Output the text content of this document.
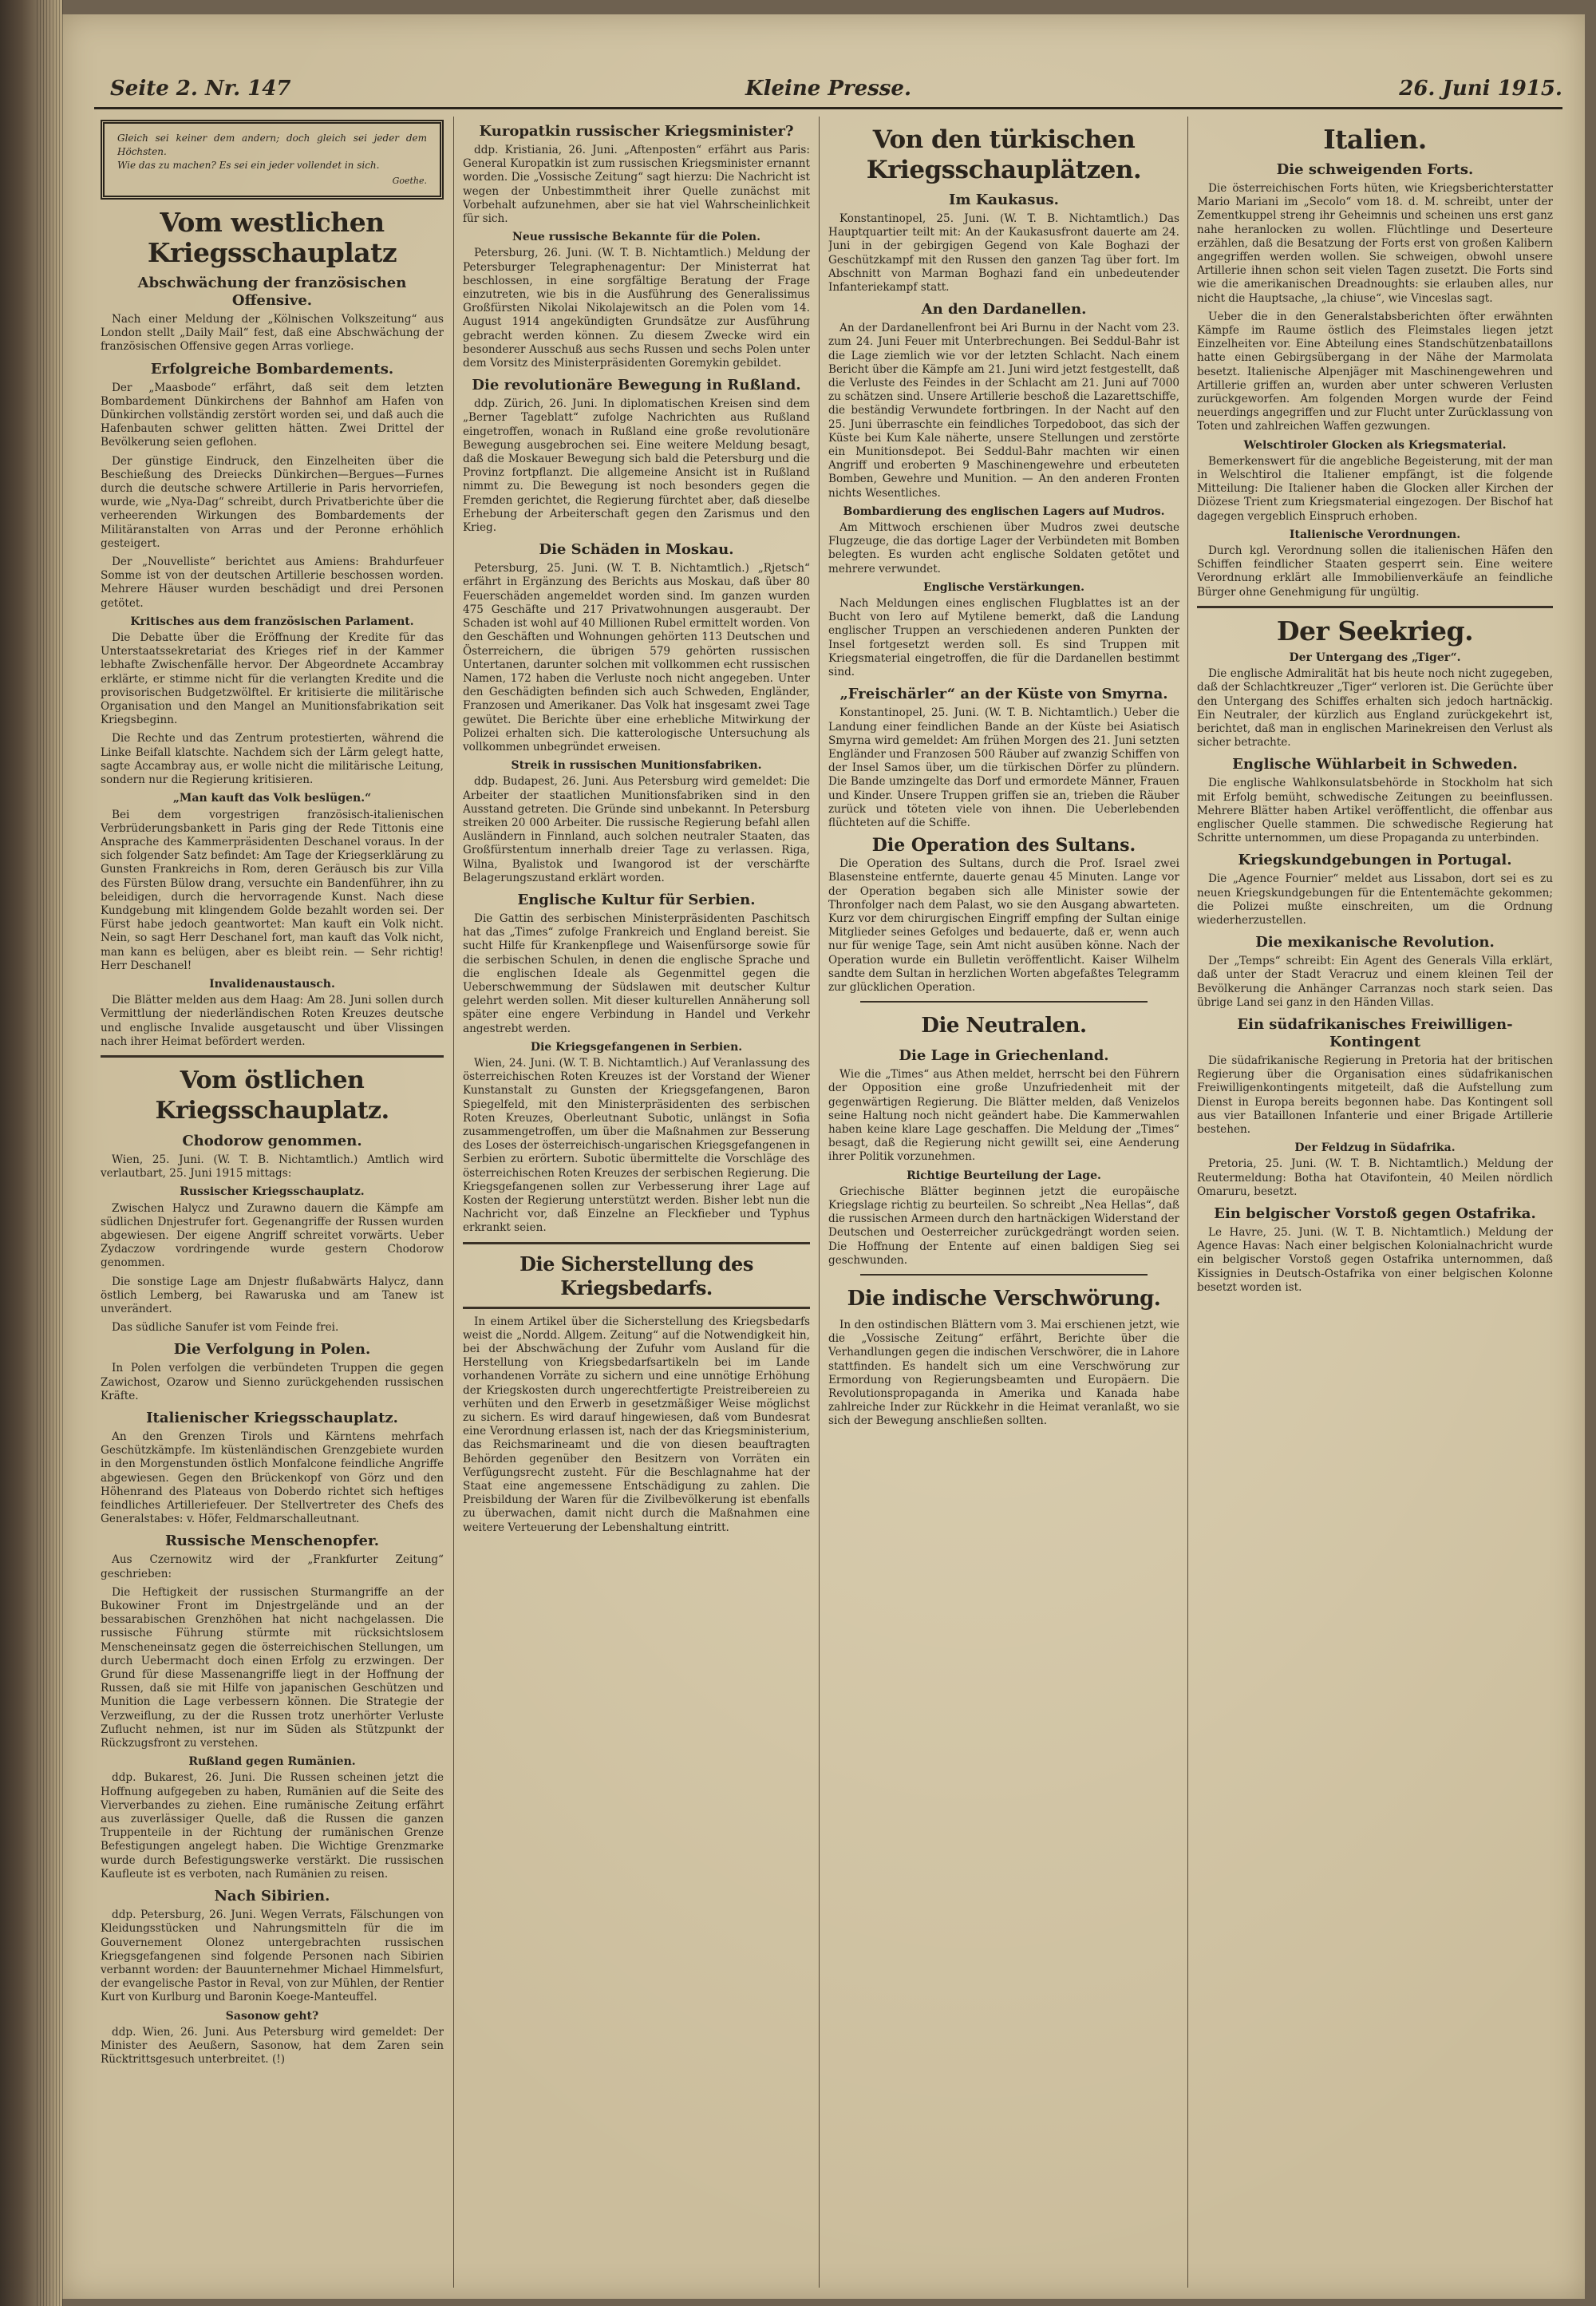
Seite 2. Nr. 147	Kleine Presse.	26. Juni 1915.
Gleich sei keiner dem andern; doch gleich sei jeder dem Höchsten.
Wie das zu machen? Es sei ein jeder vollendet in sich.
Goethe.
Vom westlichen Kriegsschauplatz
Abschwächung der französischen Offensive.

Nach einer Meldung der „Kölnischen Volkszeitung“ aus London stellt „Daily Mail“ fest, daß eine Abschwächung der französischen Offensive gegen Arras vorliege.

Erfolgreiche Bombardements.

Der „Maasbode“ erfährt, daß seit dem letzten Bombardement Dünkirchens der Bahnhof am Hafen von Dünkirchen vollständig zerstört worden sei, und daß auch die Hafenbauten schwer gelitten hätten. Zwei Drittel der Bevölkerung seien geflohen.

Der günstige Eindruck, den Einzelheiten über die Beschießung des Dreiecks Dünkirchen—Bergues—Furnes durch die deutsche schwere Artillerie in Paris hervorriefen, wurde, wie „Nya-Dag“ schreibt, durch Privatberichte über die verheerenden Wirkungen des Bombardements der Militäranstalten von Arras und der Peronne erhöhlich gesteigert.

Der „Nouvelliste“ berichtet aus Amiens: Brahdurfeuer Somme ist von der deutschen Artillerie beschossen worden. Mehrere Häuser wurden beschädigt und drei Personen getötet.

Kritisches aus dem französischen Parlament.

Die Debatte über die Eröffnung der Kredite für das Unterstaatssekretariat des Krieges rief in der Kammer lebhafte Zwischenfälle hervor. Der Abgeordnete Accambray erklärte, er stimme nicht für die verlangten Kredite und die provisorischen Budgetzwölftel. Er kritisierte die militärische Organisation und den Mangel an Munitionsfabrikation seit Kriegsbeginn.

Die Rechte und das Zentrum protestierten, während die Linke Beifall klatschte. Nachdem sich der Lärm gelegt hatte, sagte Accambray aus, er wolle nicht die militärische Leitung, sondern nur die Regierung kritisieren.

„Man kauft das Volk beslügen.“

Bei dem vorgestrigen französisch-italienischen Verbrüderungsbankett in Paris ging der Rede Tittonis eine Ansprache des Kammerpräsidenten Deschanel voraus. In der sich folgender Satz befindet: Am Tage der Kriegserklärung zu Gunsten Frankreichs in Rom, deren Geräusch bis zur Villa des Fürsten Bülow drang, versuchte ein Bandenführer, ihn zu beleidigen, durch die hervorragende Kunst. Nach diese Kundgebung mit klingendem Golde bezahlt worden sei. Der Fürst habe jedoch geantwortet: Man kauft ein Volk nicht. Nein, so sagt Herr Deschanel fort, man kauft das Volk nicht, man kann es belügen, aber es bleibt rein. — Sehr richtig! Herr Deschanel!

Invalidenaustausch.

Die Blätter melden aus dem Haag: Am 28. Juni sollen durch Vermittlung der niederländischen Roten Kreuzes deutsche und englische Invalide ausgetauscht und über Vlissingen nach ihrer Heimat befördert werden.

Vom östlichen Kriegsschauplatz.
Chodorow genommen.

Wien, 25. Juni. (W. T. B. Nichtamtlich.) Amtlich wird verlautbart, 25. Juni 1915 mittags:

Russischer Kriegsschauplatz.

Zwischen Halycz und Zurawno dauern die Kämpfe am südlichen Dnjestrufer fort. Gegenangriffe der Russen wurden abgewiesen. Der eigene Angriff schreitet vorwärts. Ueber Zydaczow vordringende wurde gestern Chodorow genommen.

Die sonstige Lage am Dnjestr flußabwärts Halycz, dann östlich Lemberg, bei Rawaruska und am Tanew ist unverändert.

Das südliche Sanufer ist vom Feinde frei.

Die Verfolgung in Polen.

In Polen verfolgen die verbündeten Truppen die gegen Zawichost, Ozarow und Sienno zurückgehenden russischen Kräfte.

Italienischer Kriegsschauplatz.

An den Grenzen Tirols und Kärntens mehrfach Geschützkämpfe. Im küstenländischen Grenzgebiete wurden in den Morgenstunden östlich Monfalcone feindliche Angriffe abgewiesen. Gegen den Brückenkopf von Görz und den Höhenrand des Plateaus von Doberdo richtet sich heftiges feindliches Artilleriefeuer. Der Stellvertreter des Chefs des Generalstabes: v. Höfer, Feldmarschalleutnant.

Russische Menschenopfer.

Aus Czernowitz wird der „Frankfurter Zeitung“ geschrieben:

Die Heftigkeit der russischen Sturmangriffe an der Bukowiner Front im Dnjestrgelände und an der bessarabischen Grenzhöhen hat nicht nachgelassen. Die russische Führung stürmte mit rücksichtslosem Menscheneinsatz gegen die österreichischen Stellungen, um durch Uebermacht doch einen Erfolg zu erzwingen. Der Grund für diese Massenangriffe liegt in der Hoffnung der Russen, daß sie mit Hilfe von japanischen Geschützen und Munition die Lage verbessern können. Die Strategie der Verzweiflung, zu der die Russen trotz unerhörter Verluste Zuflucht nehmen, ist nur im Süden als Stützpunkt der Rückzugsfront zu verstehen.

Rußland gegen Rumänien.

ddp. Bukarest, 26. Juni. Die Russen scheinen jetzt die Hoffnung aufgegeben zu haben, Rumänien auf die Seite des Vierverbandes zu ziehen. Eine rumänische Zeitung erfährt aus zuverlässiger Quelle, daß die Russen die ganzen Truppenteile in der Richtung der rumänischen Grenze Befestigungen angelegt haben. Die Wichtige Grenzmarke wurde durch Befestigungswerke verstärkt. Die russischen Kaufleute ist es verboten, nach Rumänien zu reisen.

Nach Sibirien.

ddp. Petersburg, 26. Juni. Wegen Verrats, Fälschungen von Kleidungsstücken und Nahrungsmitteln für die im Gouvernement Olonez untergebrachten russischen Kriegsgefangenen sind folgende Personen nach Sibirien verbannt worden: der Bauunternehmer Michael Himmelsfurt, der evangelische Pastor in Reval, von zur Mühlen, der Rentier Kurt von Kurlburg und Baronin Koege-Manteuffel.

Sasonow geht?

ddp. Wien, 26. Juni. Aus Petersburg wird gemeldet: Der Minister des Aeußern, Sasonow, hat dem Zaren sein Rücktrittsgesuch unterbreitet. (!)

Kuropatkin russischer Kriegsminister?

ddp. Kristiania, 26. Juni. „Aftenposten“ erfährt aus Paris: General Kuropatkin ist zum russischen Kriegsminister ernannt worden. Die „Vossische Zeitung“ sagt hierzu: Die Nachricht ist wegen der Unbestimmtheit ihrer Quelle zunächst mit Vorbehalt aufzunehmen, aber sie hat viel Wahrscheinlichkeit für sich.

Neue russische Bekannte für die Polen.

Petersburg, 26. Juni. (W. T. B. Nichtamtlich.) Meldung der Petersburger Telegraphenagentur: Der Ministerrat hat beschlossen, in eine sorgfältige Beratung der Frage einzutreten, wie bis in die Ausführung des Generalissimus Großfürsten Nikolai Nikolajewitsch an die Polen vom 14. August 1914 angekündigten Grundsätze zur Ausführung gebracht werden können. Zu diesem Zwecke wird ein besonderer Ausschuß aus sechs Russen und sechs Polen unter dem Vorsitz des Ministerpräsidenten Goremykin gebildet.

Die revolutionäre Bewegung in Rußland.

ddp. Zürich, 26. Juni. In diplomatischen Kreisen sind dem „Berner Tageblatt“ zufolge Nachrichten aus Rußland eingetroffen, wonach in Rußland eine große revolutionäre Bewegung ausgebrochen sei. Eine weitere Meldung besagt, daß die Moskauer Bewegung sich bald die Petersburg und die Provinz fortpflanzt. Die allgemeine Ansicht ist in Rußland nimmt zu. Die Bewegung ist noch besonders gegen die Fremden gerichtet, die Regierung fürchtet aber, daß dieselbe Erhebung der Arbeiterschaft gegen den Zarismus und den Krieg.

Die Schäden in Moskau.

Petersburg, 25. Juni. (W. T. B. Nichtamtlich.) „Rjetsch“ erfährt in Ergänzung des Berichts aus Moskau, daß über 80 Feuerschäden angemeldet worden sind. Im ganzen wurden 475 Geschäfte und 217 Privatwohnungen ausgeraubt. Der Schaden ist wohl auf 40 Millionen Rubel ermittelt worden. Von den Geschäften und Wohnungen gehörten 113 Deutschen und Österreichern, die übrigen 579 gehörten russischen Untertanen, darunter solchen mit vollkommen echt russischen Namen, 172 haben die Verluste noch nicht angegeben. Unter den Geschädigten befinden sich auch Schweden, Engländer, Franzosen und Amerikaner. Das Volk hat insgesamt zwei Tage gewütet. Die Berichte über eine erhebliche Mitwirkung der Polizei erhalten sich. Die katterologische Untersuchung als vollkommen unbegründet erweisen.

Streik in russischen Munitionsfabriken.

ddp. Budapest, 26. Juni. Aus Petersburg wird gemeldet: Die Arbeiter der staatlichen Munitionsfabriken sind in den Ausstand getreten. Die Gründe sind unbekannt. In Petersburg streiken 20 000 Arbeiter. Die russische Regierung befahl allen Ausländern in Finnland, auch solchen neutraler Staaten, das Großfürstentum innerhalb dreier Tage zu verlassen. Riga, Wilna, Byalistok und Iwangorod ist der verschärfte Belagerungszustand erklärt worden.

Englische Kultur für Serbien.

Die Gattin des serbischen Ministerpräsidenten Paschitsch hat das „Times“ zufolge Frankreich und England bereist. Sie sucht Hilfe für Krankenpflege und Waisenfürsorge sowie für die serbischen Schulen, in denen die englische Sprache und die englischen Ideale als Gegenmittel gegen die Ueberschwemmung der Südslawen mit deutscher Kultur gelehrt werden sollen. Mit dieser kulturellen Annäherung soll später eine engere Verbindung in Handel und Verkehr angestrebt werden.

Die Kriegsgefangenen in Serbien.

Wien, 24. Juni. (W. T. B. Nichtamtlich.) Auf Veranlassung des österreichischen Roten Kreuzes ist der Vorstand der Wiener Kunstanstalt zu Gunsten der Kriegsgefangenen, Baron Spiegelfeld, mit den Ministerpräsidenten des serbischen Roten Kreuzes, Oberleutnant Subotic, unlängst in Sofia zusammengetroffen, um über die Maßnahmen zur Besserung des Loses der österreichisch-ungarischen Kriegsgefangenen in Serbien zu erörtern. Subotic übermittelte die Vorschläge des österreichischen Roten Kreuzes der serbischen Regierung. Die Kriegsgefangenen sollen zur Verbesserung ihrer Lage auf Kosten der Regierung unterstützt werden. Bisher lebt nun die Nachricht vor, daß Einzelne an Fleckfieber und Typhus erkrankt seien.

Die Sicherstellung des Kriegsbedarfs.

In einem Artikel über die Sicherstellung des Kriegsbedarfs weist die „Nordd. Allgem. Zeitung“ auf die Notwendigkeit hin, bei der Abschwächung der Zufuhr vom Ausland für die Herstellung von Kriegsbedarfsartikeln bei im Lande vorhandenen Vorräte zu sichern und eine unnötige Erhöhung der Kriegskosten durch ungerechtfertigte Preistreibereien zu verhüten und den Erwerb in gesetzmäßiger Weise möglichst zu sichern. Es wird darauf hingewiesen, daß vom Bundesrat eine Verordnung erlassen ist, nach der das Kriegsministerium, das Reichsmarineamt und die von diesen beauftragten Behörden gegenüber den Besitzern von Vorräten ein Verfügungsrecht zusteht. Für die Beschlagnahme hat der Staat eine angemessene Entschädigung zu zahlen. Die Preisbildung der Waren für die Zivilbevölkerung ist ebenfalls zu überwachen, damit nicht durch die Maßnahmen eine weitere Verteuerung der Lebenshaltung eintritt.

Von den türkischen Kriegsschauplätzen.
Im Kaukasus.

Konstantinopel, 25. Juni. (W. T. B. Nichtamtlich.) Das Hauptquartier teilt mit: An der Kaukasusfront dauerte am 24. Juni in der gebirgigen Gegend von Kale Boghazi der Geschützkampf mit den Russen den ganzen Tag über fort. Im Abschnitt von Marman Boghazi fand ein unbedeutender Infanteriekampf statt.

An den Dardanellen.

An der Dardanellenfront bei Ari Burnu in der Nacht vom 23. zum 24. Juni Feuer mit Unterbrechungen. Bei Seddul-Bahr ist die Lage ziemlich wie vor der letzten Schlacht. Nach einem Bericht über die Kämpfe am 21. Juni wird jetzt festgestellt, daß die Verluste des Feindes in der Schlacht am 21. Juni auf 7000 zu schätzen sind. Unsere Artillerie beschoß die Lazarettschiffe, die beständig Verwundete fortbringen. In der Nacht auf den 25. Juni überraschte ein feindliches Torpedoboot, das sich der Küste bei Kum Kale näherte, unsere Stellungen und zerstörte ein Munitionsdepot. Bei Seddul-Bahr machten wir einen Angriff und eroberten 9 Maschinengewehre und erbeuteten Bomben, Gewehre und Munition. — An den anderen Fronten nichts Wesentliches.

Bombardierung des englischen Lagers auf Mudros.

Am Mittwoch erschienen über Mudros zwei deutsche Flugzeuge, die das dortige Lager der Verbündeten mit Bomben belegten. Es wurden acht englische Soldaten getötet und mehrere verwundet.

Englische Verstärkungen.

Nach Meldungen eines englischen Flugblattes ist an der Bucht von Iero auf Mytilene bemerkt, daß die Landung englischer Truppen an verschiedenen anderen Punkten der Insel fortgesetzt werden soll. Es sind Truppen mit Kriegsmaterial eingetroffen, die für die Dardanellen bestimmt sind.

„Freischärler“ an der Küste von Smyrna.

Konstantinopel, 25. Juni. (W. T. B. Nichtamtlich.) Ueber die Landung einer feindlichen Bande an der Küste bei Asiatisch Smyrna wird gemeldet: Am frühen Morgen des 21. Juni setzten Engländer und Franzosen 500 Räuber auf zwanzig Schiffen von der Insel Samos über, um die türkischen Dörfer zu plündern. Die Bande umzingelte das Dorf und ermordete Männer, Frauen und Kinder. Unsere Truppen griffen sie an, trieben die Räuber zurück und töteten viele von ihnen. Die Ueberlebenden flüchteten auf die Schiffe.

Die Operation des Sultans.

Die Operation des Sultans, durch die Prof. Israel zwei Blasensteine entfernte, dauerte genau 45 Minuten. Lange vor der Operation begaben sich alle Minister sowie der Thronfolger nach dem Palast, wo sie den Ausgang abwarteten. Kurz vor dem chirurgischen Eingriff empfing der Sultan einige Mitglieder seines Gefolges und bedauerte, daß er, wenn auch nur für wenige Tage, sein Amt nicht ausüben könne. Nach der Operation wurde ein Bulletin veröffentlicht. Kaiser Wilhelm sandte dem Sultan in herzlichen Worten abgefaßtes Telegramm zur glücklichen Operation.

Die Neutralen.
Die Lage in Griechenland.

Wie die „Times“ aus Athen meldet, herrscht bei den Führern der Opposition eine große Unzufriedenheit mit der gegenwärtigen Regierung. Die Blätter melden, daß Venizelos seine Haltung noch nicht geändert habe. Die Kammerwahlen haben keine klare Lage geschaffen. Die Meldung der „Times“ besagt, daß die Regierung nicht gewillt sei, eine Aenderung ihrer Politik vorzunehmen.

Richtige Beurteilung der Lage.

Griechische Blätter beginnen jetzt die europäische Kriegslage richtig zu beurteilen. So schreibt „Nea Hellas“, daß die russischen Armeen durch den hartnäckigen Widerstand der Deutschen und Oesterreicher zurückgedrängt worden seien. Die Hoffnung der Entente auf einen baldigen Sieg sei geschwunden.

Die indische Verschwörung.

In den ostindischen Blättern vom 3. Mai erschienen jetzt, wie die „Vossische Zeitung“ erfährt, Berichte über die Verhandlungen gegen die indischen Verschwörer, die in Lahore stattfinden. Es handelt sich um eine Verschwörung zur Ermordung von Regierungsbeamten und Europäern. Die Revolutionspropaganda in Amerika und Kanada habe zahlreiche Inder zur Rückkehr in die Heimat veranlaßt, wo sie sich der Bewegung anschließen sollten.

Italien.
Die schweigenden Forts.

Die österreichischen Forts hüten, wie Kriegsberichterstatter Mario Mariani im „Secolo“ vom 18. d. M. schreibt, unter der Zementkuppel streng ihr Geheimnis und scheinen uns erst ganz nahe heranlocken zu wollen. Flüchtlinge und Deserteure erzählen, daß die Besatzung der Forts erst von großen Kalibern angegriffen werden wollen. Sie schweigen, obwohl unsere Artillerie ihnen schon seit vielen Tagen zusetzt. Die Forts sind wie die amerikanischen Dreadnoughts: sie erlauben alles, nur nicht die Hauptsache, „la chiuse“, wie Vinceslas sagt.

Ueber die in den Generalstabsberichten öfter erwähnten Kämpfe im Raume östlich des Fleimstales liegen jetzt Einzelheiten vor. Eine Abteilung eines Standschützenbataillons hatte einen Gebirgsübergang in der Nähe der Marmolata besetzt. Italienische Alpenjäger mit Maschinengewehren und Artillerie griffen an, wurden aber unter schweren Verlusten zurückgeworfen. Am folgenden Morgen wurde der Feind neuerdings angegriffen und zur Flucht unter Zurücklassung von Toten und zahlreichen Waffen gezwungen.

Welschtiroler Glocken als Kriegsmaterial.

Bemerkenswert für die angebliche Begeisterung, mit der man in Welschtirol die Italiener empfängt, ist die folgende Mitteilung: Die Italiener haben die Glocken aller Kirchen der Diözese Trient zum Kriegsmaterial eingezogen. Der Bischof hat dagegen vergeblich Einspruch erhoben.

Italienische Verordnungen.

Durch kgl. Verordnung sollen die italienischen Häfen den Schiffen feindlicher Staaten gesperrt sein. Eine weitere Verordnung erklärt alle Immobilienverkäufe an feindliche Bürger ohne Genehmigung für ungültig.

Der Seekrieg.
Der Untergang des „Tiger“.

Die englische Admiralität hat bis heute noch nicht zugegeben, daß der Schlachtkreuzer „Tiger“ verloren ist. Die Gerüchte über den Untergang des Schiffes erhalten sich jedoch hartnäckig. Ein Neutraler, der kürzlich aus England zurückgekehrt ist, berichtet, daß man in englischen Marinekreisen den Verlust als sicher betrachte.

Englische Wühlarbeit in Schweden.

Die englische Wahlkonsulatsbehörde in Stockholm hat sich mit Erfolg bemüht, schwedische Zeitungen zu beeinflussen. Mehrere Blätter haben Artikel veröffentlicht, die offenbar aus englischer Quelle stammen. Die schwedische Regierung hat Schritte unternommen, um diese Propaganda zu unterbinden.

Kriegskundgebungen in Portugal.

Die „Agence Fournier“ meldet aus Lissabon, dort sei es zu neuen Kriegskundgebungen für die Ententemächte gekommen; die Polizei mußte einschreiten, um die Ordnung wiederherzustellen.

Die mexikanische Revolution.

Der „Temps“ schreibt: Ein Agent des Generals Villa erklärt, daß unter der Stadt Veracruz und einem kleinen Teil der Bevölkerung die Anhänger Carranzas noch stark seien. Das übrige Land sei ganz in den Händen Villas.

Ein südafrikanisches Freiwilligen-Kontingent

Die südafrikanische Regierung in Pretoria hat der britischen Regierung über die Organisation eines südafrikanischen Freiwilligenkontingents mitgeteilt, daß die Aufstellung zum Dienst in Europa bereits begonnen habe. Das Kontingent soll aus vier Bataillonen Infanterie und einer Brigade Artillerie bestehen.

Der Feldzug in Südafrika.

Pretoria, 25. Juni. (W. T. B. Nichtamtlich.) Meldung der Reutermeldung: Botha hat Otavifontein, 40 Meilen nördlich Omaruru, besetzt.

Ein belgischer Vorstoß gegen Ostafrika.

Le Havre, 25. Juni. (W. T. B. Nichtamtlich.) Meldung der Agence Havas: Nach einer belgischen Kolonialnachricht wurde ein belgischer Vorstoß gegen Ostafrika unternommen, daß Kissignies in Deutsch-Ostafrika von einer belgischen Kolonne besetzt worden ist.
